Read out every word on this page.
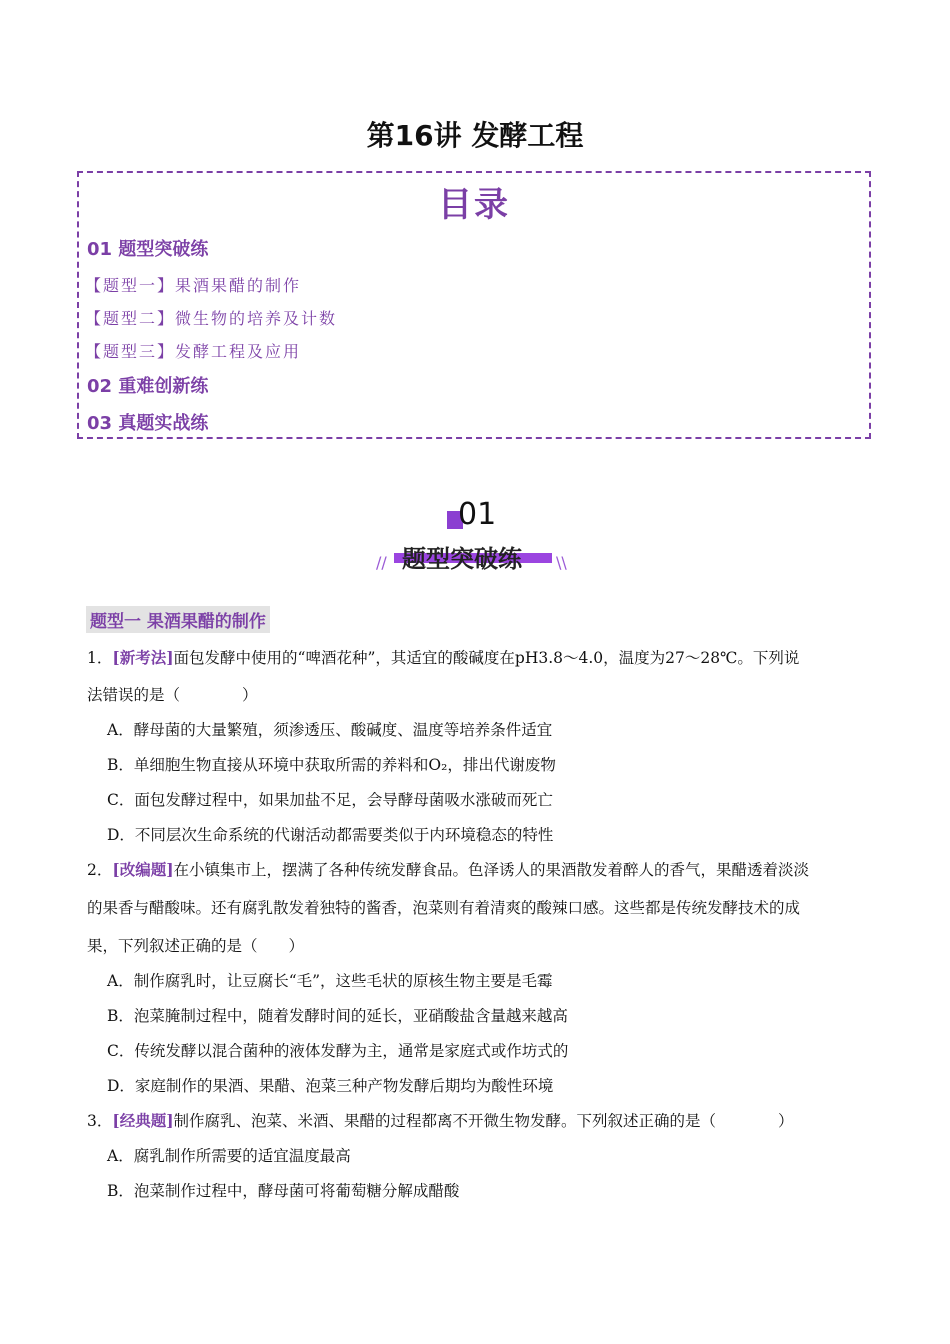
第16讲 发酵工程
目录
01 题型突破练
【题型一】果酒果醋的制作
【题型二】微生物的培养及计数
【题型三】发酵工程及应用
02 重难创新练
03 真题实战练
01
题型突破练
//	\\
题型一 果酒果醋的制作
1．[新考法]面包发酵中使用的“啤酒花种”，其适宜的酸碱度在pH3.8～4.0，温度为27～28℃。下列说
法错误的是（　　　　）
A．酵母菌的大量繁殖，须渗透压、酸碱度、温度等培养条件适宜
B．单细胞生物直接从环境中获取所需的养料和O₂，排出代谢废物
C．面包发酵过程中，如果加盐不足，会导酵母菌吸水涨破而死亡
D．不同层次生命系统的代谢活动都需要类似于内环境稳态的特性
2．[改编题]在小镇集市上，摆满了各种传统发酵食品。色泽诱人的果酒散发着醉人的香气，果醋透着淡淡
的果香与醋酸味。还有腐乳散发着独特的酱香，泡菜则有着清爽的酸辣口感。这些都是传统发酵技术的成
果，下列叙述正确的是（　　）
A．制作腐乳时，让豆腐长“毛”，这些毛状的原核生物主要是毛霉
B．泡菜腌制过程中，随着发酵时间的延长，亚硝酸盐含量越来越高
C．传统发酵以混合菌种的液体发酵为主，通常是家庭式或作坊式的
D．家庭制作的果酒、果醋、泡菜三种产物发酵后期均为酸性环境
3．[经典题]制作腐乳、泡菜、米酒、果醋的过程都离不开微生物发酵。下列叙述正确的是（　　　　）
A．腐乳制作所需要的适宜温度最高
B．泡菜制作过程中，酵母菌可将葡萄糖分解成醋酸
